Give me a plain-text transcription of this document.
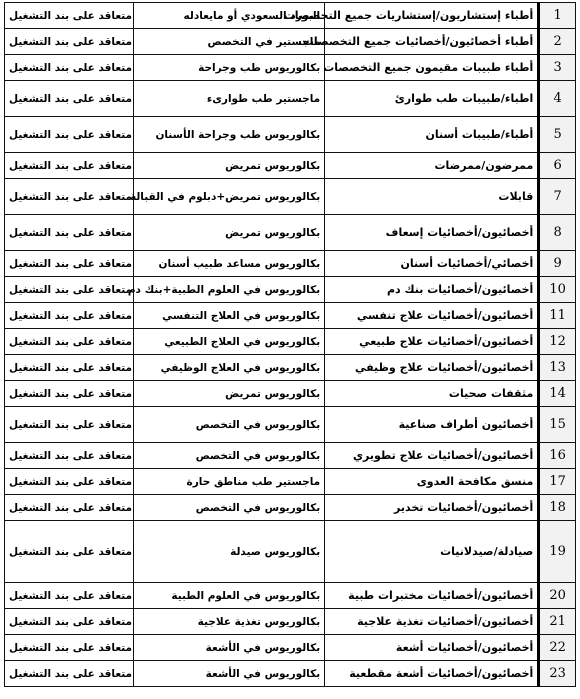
متعاقد على بند التشغيل	البورد السعودي أو مايعادله	أطباء إستشاريون/إستشاريات جميع التخصصات	1
متعاقد على بند التشغيل	ماجستير في التخصص	أطباء أخصائيون/أخصائيات جميع التخصصات	2
متعاقد على بند التشغيل	بكالوريوس طب وجراحة	أطباء طبيبات مقيمون جميع التخصصات	3
متعاقد على بند التشغيل	ماجستير طب طوارىء	اطباء/طبيبات طب طوارئ	4
متعاقد على بند التشغيل	بكالوريوس طب وجراحة الأسنان	أطباء/طبيبات أسنان	5
متعاقد على بند التشغيل	بكالوريوس تمريض	ممرضون/ممرضات	6
متعاقد على بند التشغيل	بكالوريوس تمريض+دبلوم في القبالة	قابلات	7
متعاقد على بند التشغيل	بكالوريوس تمريض	أخصائيون/أخصائيات إسعاف	8
متعاقد على بند التشغيل	بكالوريوس مساعد طبيب أسنان	أخصائي/أخصائيات أسنان	9
متعاقد على بند التشغيل	بكالوريوس في العلوم الطبية+بنك دم	أخصائيون/أخصائيات بنك دم	10
متعاقد على بند التشغيل	بكالوريوس في العلاج التنفسي	أخصائيون/أخصائيات علاج تنفسي	11
متعاقد على بند التشغيل	بكالوريوس في العلاج الطبيعي	أخصائيون/أخصائيات علاج طبيعي	12
متعاقد على بند التشغيل	بكالوريوس في العلاج الوظيفي	أخصائيون/أخصائيات علاج وظيفي	13
متعاقد على بند التشغيل	بكالوريوس تمريض	مثقفات صحيات	14
متعاقد على بند التشغيل	بكالوريوس في التخصص	أخصائيون أطراف صناعية	15
متعاقد على بند التشغيل	بكالوريوس في التخصص	أخصائيون/أخصائيات علاج تطويري	16
متعاقد على بند التشغيل	ماجستير طب مناطق حارة	منسق مكافحة العدوى	17
متعاقد على بند التشغيل	بكالوريوس في التخصص	أخصائيون/أخصائيات تخدير	18
متعاقد على بند التشغيل	بكالوريوس صيدلة	صيادلة/صيدلانيات	19
متعاقد على بند التشغيل	بكالوريوس في العلوم الطبية	أخصائيون/أخصائيات مختبرات طبية	20
متعاقد على بند التشغيل	بكالوريوس تغذية علاجية	أخصائيون/أخصائيات تغذية علاجية	21
متعاقد على بند التشغيل	بكالوريوس في الأشعة	أخصائيون/أخصائيات أشعة	22
متعاقد على بند التشغيل	بكالوريوس في الأشعة	أخصائيون/أخصائيات أشعة مقطعية	23
